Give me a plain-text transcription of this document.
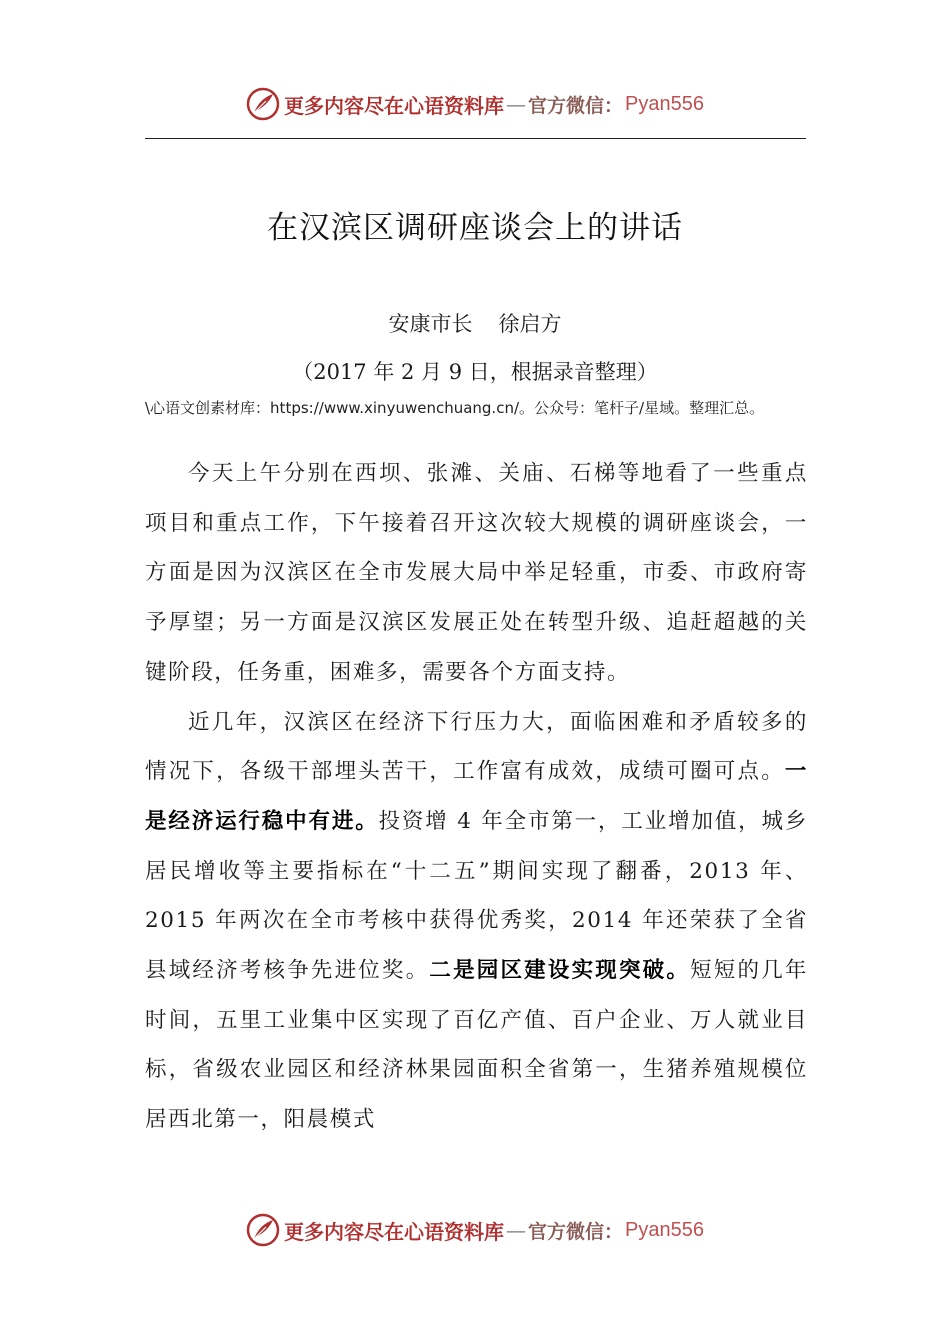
更多内容尽在心语资料库 — 官方微信： Pyan556
在汉滨区调研座谈会上的讲话
安康市长 徐启方
（2017 年 2 月 9 日，根据录音整理）
\心语文创素材库：https://www.xinyuwenchuang.cn/。公众号：笔杆子/星域。整理汇总。

今天上午分别在西坝、张滩、关庙、石梯等地看了一些重点项目和重点工作，下午接着召开这次较大规模的调研座谈会，一方面是因为汉滨区在全市发展大局中举足轻重，市委、市政府寄予厚望；另一方面是汉滨区发展正处在转型升级、追赶超越的关键阶段，任务重，困难多，需要各个方面支持。

近几年，汉滨区在经济下行压力大，面临困难和矛盾较多的情况下，各级干部埋头苦干，工作富有成效，成绩可圈可点。一是经济运行稳中有进。投资增 4 年全市第一，工业增加值，城乡居民增收等主要指标在“十二五”期间实现了翻番，2013 年、2015 年两次在全市考核中获得优秀奖，2014 年还荣获了全省县域经济考核争先进位奖。二是园区建设实现突破。短短的几年时间，五里工业集中区实现了百亿产值、百户企业、万人就业目标，省级农业园区和经济林果园面积全省第一，生猪养殖规模位居西北第一，阳晨模式

更多内容尽在心语资料库 — 官方微信： Pyan556
